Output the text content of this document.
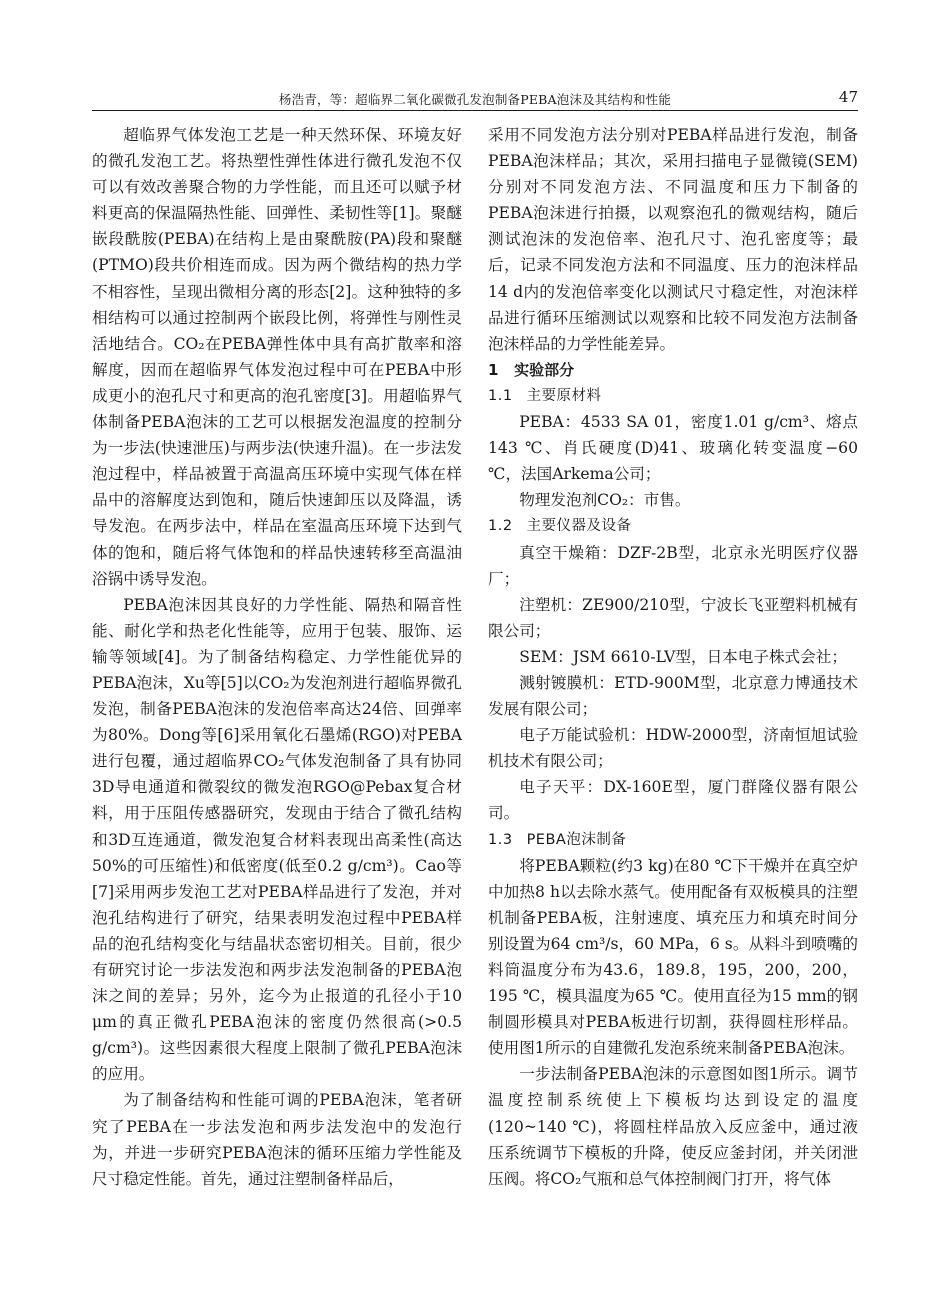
杨浩青，等：超临界二氧化碳微孔发泡制备PEBA泡沫及其结构和性能	47

超临界气体发泡工艺是一种天然环保、环境友好的微孔发泡工艺。将热塑性弹性体进行微孔发泡不仅可以有效改善聚合物的力学性能，而且还可以赋予材料更高的保温隔热性能、回弹性、柔韧性等[1]。聚醚嵌段酰胺(PEBA)在结构上是由聚酰胺(PA)段和聚醚(PTMO)段共价相连而成。因为两个微结构的热力学不相容性，呈现出微相分离的形态[2]。这种独特的多相结构可以通过控制两个嵌段比例，将弹性与刚性灵活地结合。CO₂在PEBA弹性体中具有高扩散率和溶解度，因而在超临界气体发泡过程中可在PEBA中形成更小的泡孔尺寸和更高的泡孔密度[3]。用超临界气体制备PEBA泡沫的工艺可以根据发泡温度的控制分为一步法(快速泄压)与两步法(快速升温)。在一步法发泡过程中，样品被置于高温高压环境中实现气体在样品中的溶解度达到饱和，随后快速卸压以及降温，诱导发泡。在两步法中，样品在室温高压环境下达到气体的饱和，随后将气体饱和的样品快速转移至高温油浴锅中诱导发泡。

PEBA泡沫因其良好的力学性能、隔热和隔音性能、耐化学和热老化性能等，应用于包装、服饰、运输等领域[4]。为了制备结构稳定、力学性能优异的PEBA泡沫，Xu等[5]以CO₂为发泡剂进行超临界微孔发泡，制备PEBA泡沫的发泡倍率高达24倍、回弹率为80%。Dong等[6]采用氧化石墨烯(RGO)对PEBA进行包覆，通过超临界CO₂气体发泡制备了具有协同3D导电通道和微裂纹的微发泡RGO@Pebax复合材料，用于压阻传感器研究，发现由于结合了微孔结构和3D互连通道，微发泡复合材料表现出高柔性(高达50%的可压缩性)和低密度(低至0.2 g/cm³)。Cao等[7]采用两步发泡工艺对PEBA样品进行了发泡，并对泡孔结构进行了研究，结果表明发泡过程中PEBA样品的泡孔结构变化与结晶状态密切相关。目前，很少有研究讨论一步法发泡和两步法发泡制备的PEBA泡沫之间的差异；另外，迄今为止报道的孔径小于10 μm的真正微孔PEBA泡沫的密度仍然很高(>0.5 g/cm³)。这些因素很大程度上限制了微孔PEBA泡沫的应用。

为了制备结构和性能可调的PEBA泡沫，笔者研究了PEBA在一步法发泡和两步法发泡中的发泡行为，并进一步研究PEBA泡沫的循环压缩力学性能及尺寸稳定性能。首先，通过注塑制备样品后，

采用不同发泡方法分别对PEBA样品进行发泡，制备PEBA泡沫样品；其次，采用扫描电子显微镜(SEM)分别对不同发泡方法、不同温度和压力下制备的PEBA泡沫进行拍摄，以观察泡孔的微观结构，随后测试泡沫的发泡倍率、泡孔尺寸、泡孔密度等；最后，记录不同发泡方法和不同温度、压力的泡沫样品14 d内的发泡倍率变化以测试尺寸稳定性，对泡沫样品进行循环压缩测试以观察和比较不同发泡方法制备泡沫样品的力学性能差异。

1 实验部分
1.1 主要原材料

PEBA：4533 SA 01，密度1.01 g/cm³、熔点143 ℃、肖氏硬度(D)41、玻璃化转变温度−60 ℃，法国Arkema公司；

物理发泡剂CO₂：市售。

1.2 主要仪器及设备

真空干燥箱：DZF-2B型，北京永光明医疗仪器厂；

注塑机：ZE900/210型，宁波长飞亚塑料机械有限公司；

SEM：JSM 6610-LV型，日本电子株式会社；

溅射镀膜机：ETD-900M型，北京意力博通技术发展有限公司；

电子万能试验机：HDW-2000型，济南恒旭试验机技术有限公司；

电子天平：DX-160E型，厦门群隆仪器有限公司。

1.3 PEBA泡沫制备

将PEBA颗粒(约3 kg)在80 ℃下干燥并在真空炉中加热8 h以去除水蒸气。使用配备有双板模具的注塑机制备PEBA板，注射速度、填充压力和填充时间分别设置为64 cm³/s，60 MPa，6 s。从料斗到喷嘴的料筒温度分布为43.6，189.8，195，200，200，195 ℃，模具温度为65 ℃。使用直径为15 mm的钢制圆形模具对PEBA板进行切割，获得圆柱形样品。使用图1所示的自建微孔发泡系统来制备PEBA泡沫。

一步法制备PEBA泡沫的示意图如图1所示。调节温度控制系统使上下模板均达到设定的温度(120~140 ℃)，将圆柱样品放入反应釜中，通过液压系统调节下模板的升降，使反应釜封闭，并关闭泄压阀。将CO₂气瓶和总气体控制阀门打开，将气体
